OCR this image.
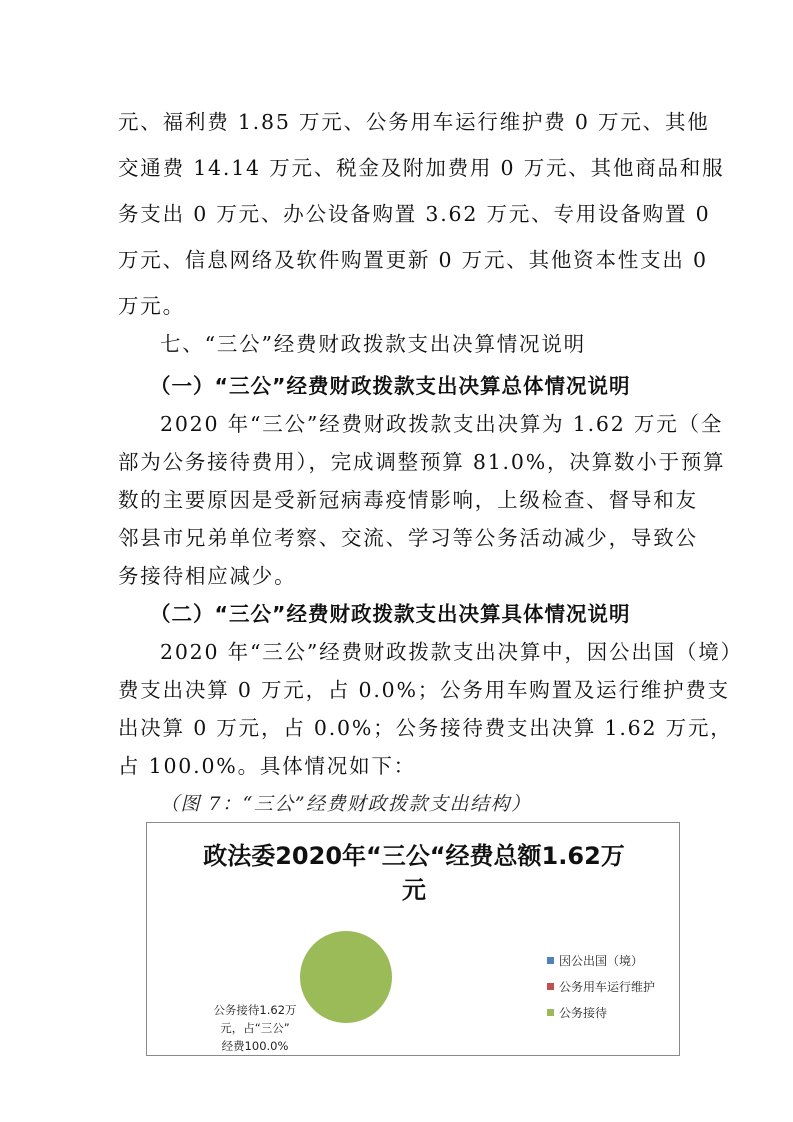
元、福利费 1.85 万元、公务用车运行维护费 0 万元、其他
交通费 14.14 万元、税金及附加费用 0 万元、其他商品和服
务支出 0 万元、办公设备购置 3.62 万元、专用设备购置 0
万元、信息网络及软件购置更新 0 万元、其他资本性支出 0
万元。
七、“三公”经费财政拨款支出决算情况说明
（一）“三公”经费财政拨款支出决算总体情况说明
2020 年“三公”经费财政拨款支出决算为 1.62 万元（全
部为公务接待费用），完成调整预算 81.0%，决算数小于预算
数的主要原因是受新冠病毒疫情影响，上级检查、督导和友
邻县市兄弟单位考察、交流、学习等公务活动减少，导致公
务接待相应减少。
（二）“三公”经费财政拨款支出决算具体情况说明
2020 年“三公”经费财政拨款支出决算中，因公出国（境）
费支出决算 0 万元，占 0.0%；公务用车购置及运行维护费支
出决算 0 万元，占 0.0%；公务接待费支出决算 1.62 万元，
占 100.0%。具体情况如下：
（图 7：“三公”经费财政拨款支出结构）
政法委2020年“三公“经费总额1.62万
元
公务接待1.62万
元，占“三公”
经费100.0%
因公出国（境）
公务用车运行维护
公务接待
